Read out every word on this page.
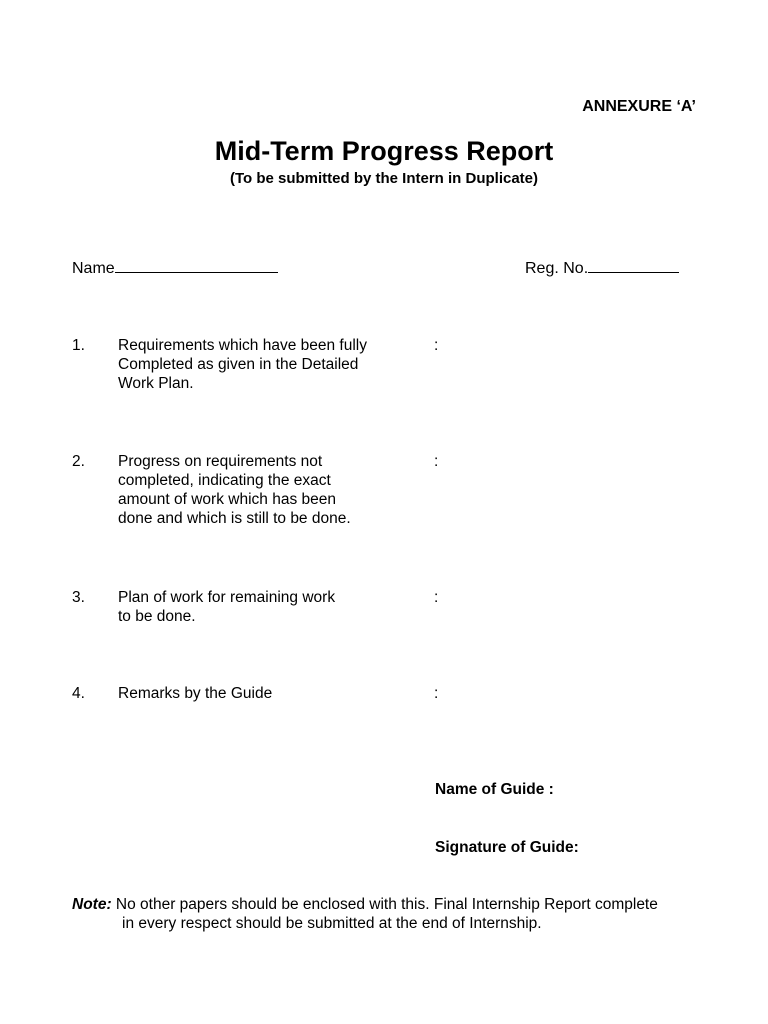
ANNEXURE ‘A’
Mid-Term Progress Report
(To be submitted by the Intern in Duplicate)
Name	Reg. No.
1. Requirements which have been fully
Completed as given in the Detailed
Work Plan.
:
2. Progress on requirements not
completed, indicating the exact
amount of work which has been
done and which is still to be done.
:
3. Plan of work for remaining work
to be done.
:
4. Remarks by the Guide	:
Name of Guide :
Signature of Guide:
Note: No other papers should be enclosed with this. Final Internship Report complete
in every respect should be submitted at the end of Internship.
